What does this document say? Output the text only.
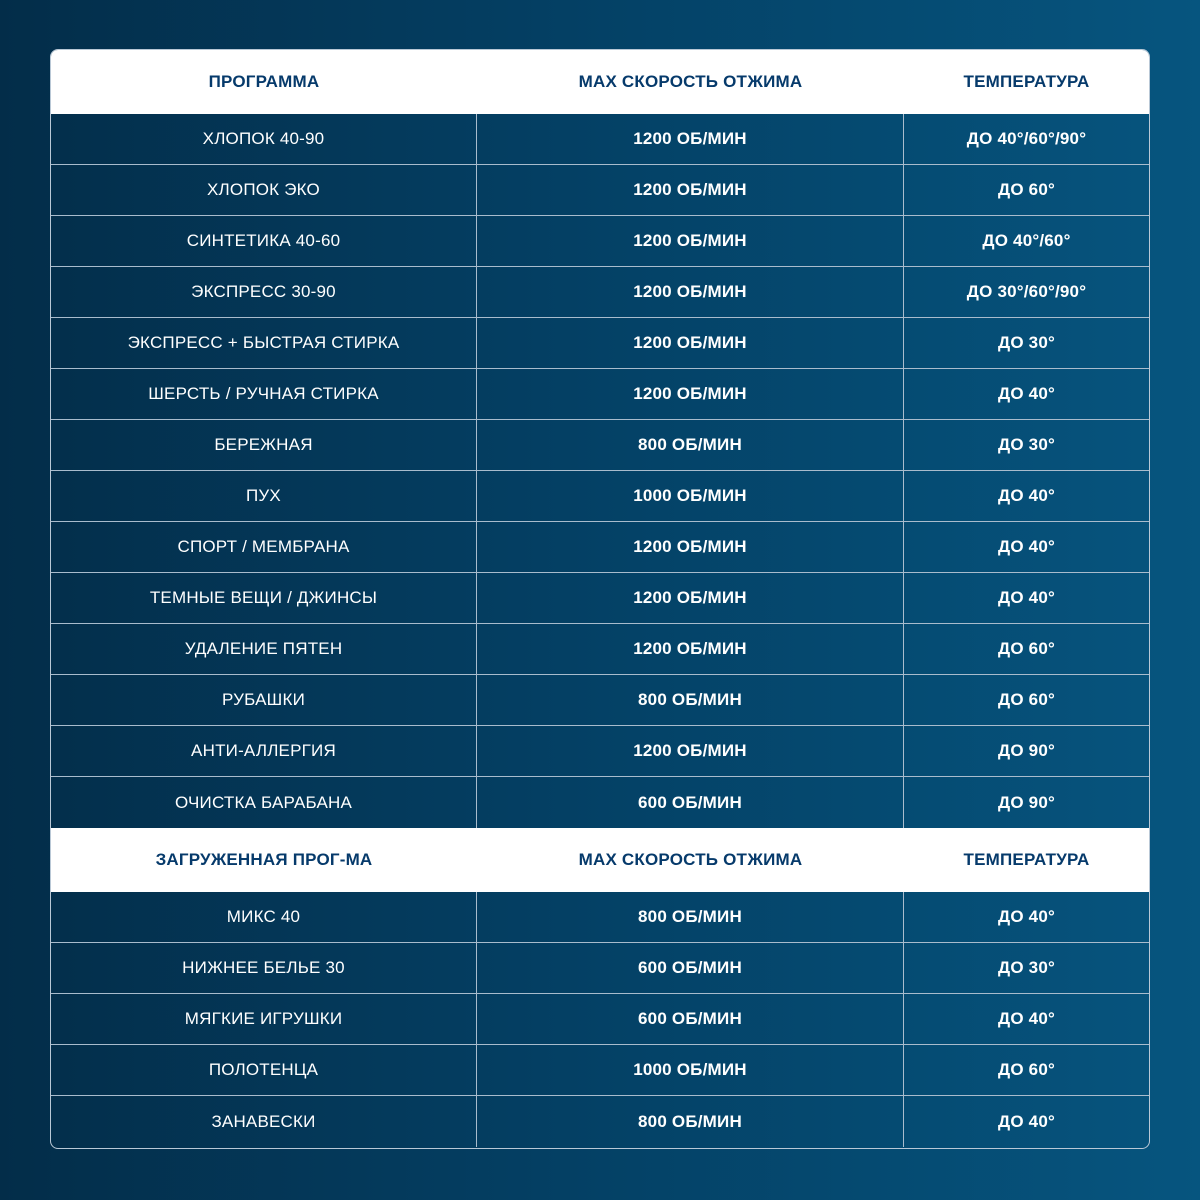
ПРОГРАММА	MAX СКОРОСТЬ ОТЖИМА	ТЕМПЕРАТУРА
ХЛОПОК 40-90	1200 ОБ/МИН	ДО 40°/60°/90°
ХЛОПОК ЭКО	1200 ОБ/МИН	ДО 60°
СИНТЕТИКА 40-60	1200 ОБ/МИН	ДО 40°/60°
ЭКСПРЕСС 30-90	1200 ОБ/МИН	ДО 30°/60°/90°
ЭКСПРЕСС + БЫСТРАЯ СТИРКА	1200 ОБ/МИН	ДО 30°
ШЕРСТЬ / РУЧНАЯ СТИРКА	1200 ОБ/МИН	ДО 40°
БЕРЕЖНАЯ	800 ОБ/МИН	ДО 30°
ПУХ	1000 ОБ/МИН	ДО 40°
СПОРТ / МЕМБРАНА	1200 ОБ/МИН	ДО 40°
ТЕМНЫЕ ВЕЩИ / ДЖИНСЫ	1200 ОБ/МИН	ДО 40°
УДАЛЕНИЕ ПЯТЕН	1200 ОБ/МИН	ДО 60°
РУБАШКИ	800 ОБ/МИН	ДО 60°
АНТИ-АЛЛЕРГИЯ	1200 ОБ/МИН	ДО 90°
ОЧИСТКА БАРАБАНА	600 ОБ/МИН	ДО 90°
ЗАГРУЖЕННАЯ ПРОГ-МА	MAX СКОРОСТЬ ОТЖИМА	ТЕМПЕРАТУРА
МИКС 40	800 ОБ/МИН	ДО 40°
НИЖНЕЕ БЕЛЬЕ 30	600 ОБ/МИН	ДО 30°
МЯГКИЕ ИГРУШКИ	600 ОБ/МИН	ДО 40°
ПОЛОТЕНЦА	1000 ОБ/МИН	ДО 60°
ЗАНАВЕСКИ	800 ОБ/МИН	ДО 40°
